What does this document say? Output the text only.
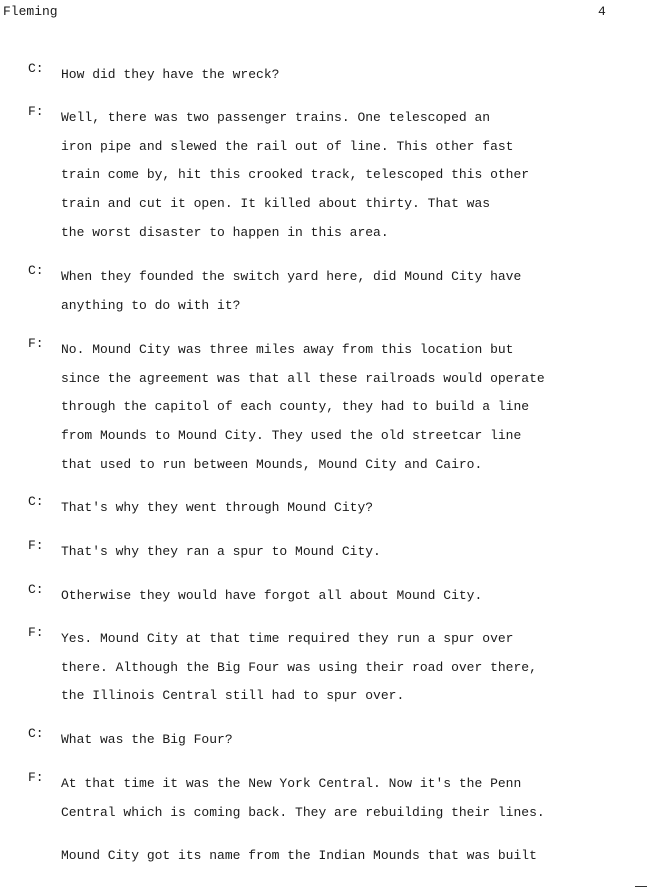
Fleming	4
C: How did they have the wreck?
F: Well, there was two passenger trains. One telescoped an
iron pipe and slewed the rail out of line. This other fast
train come by, hit this crooked track, telescoped this other
train and cut it open. It killed about thirty. That was
the worst disaster to happen in this area.
C: When they founded the switch yard here, did Mound City have
anything to do with it?
F: No. Mound City was three miles away from this location but
since the agreement was that all these railroads would operate
through the capitol of each county, they had to build a line
from Mounds to Mound City. They used the old streetcar line
that used to run between Mounds, Mound City and Cairo.
C: That's why they went through Mound City?
F: That's why they ran a spur to Mound City.
C: Otherwise they would have forgot all about Mound City.
F: Yes. Mound City at that time required they run a spur over
there. Although the Big Four was using their road over there,
the Illinois Central still had to spur over.
C: What was the Big Four?
F: At that time it was the New York Central. Now it's the Penn
Central which is coming back. They are rebuilding their lines.
Mound City got its name from the Indian Mounds that was built
